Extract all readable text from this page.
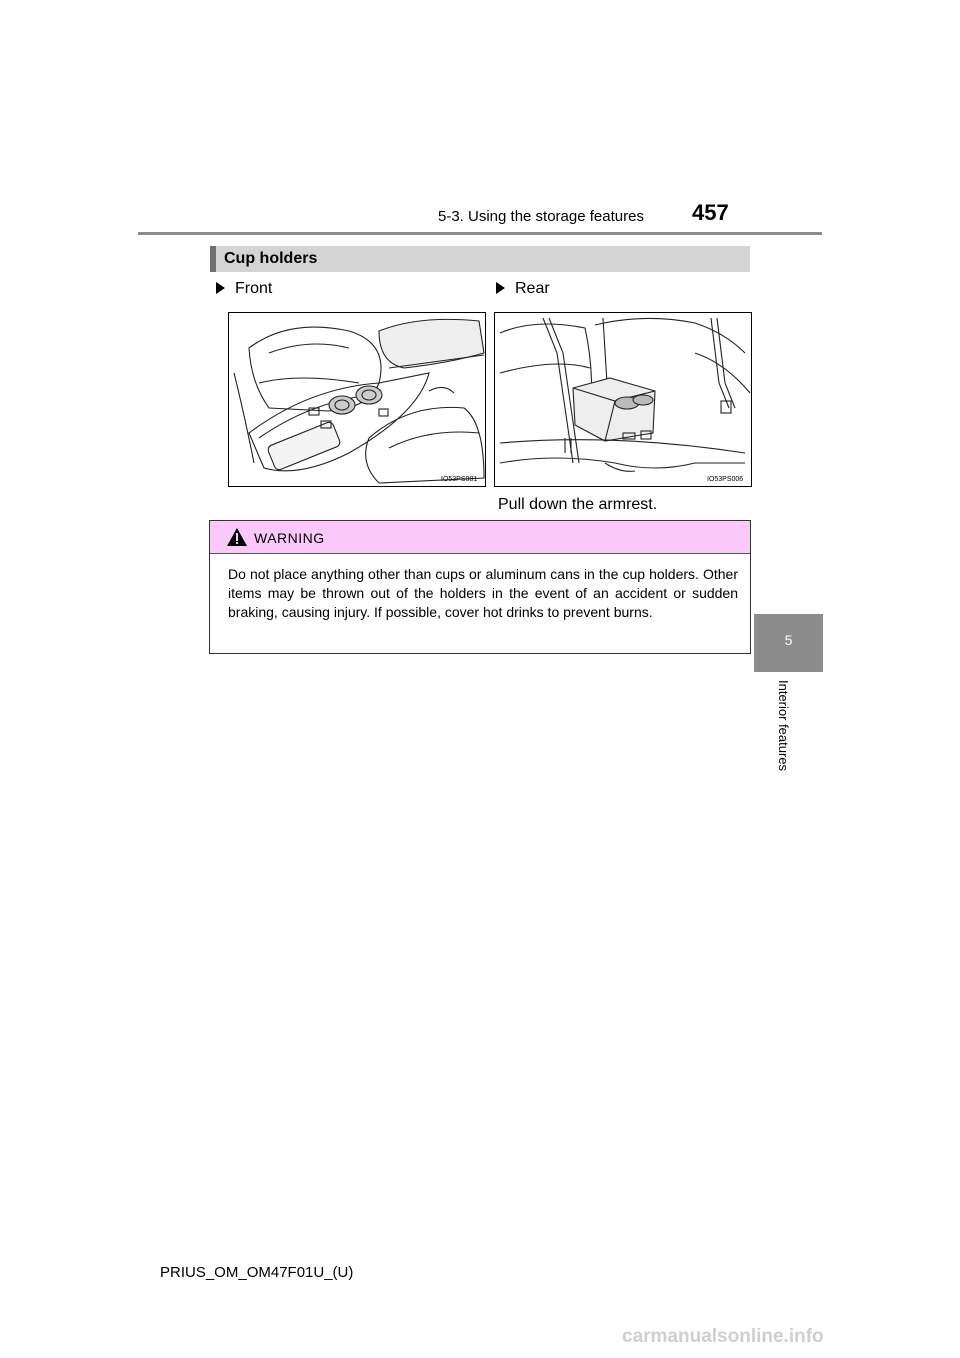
5-3. Using the storage features 457
5
Interior features
Cup holders
Front	Rear
IO53PS081	IO53PS006
Pull down the armrest.
WARNING
Do not place anything other than cups or aluminum cans in the cup holders. Other items may be thrown out of the holders in the event of an accident or sudden braking, causing injury. If possible, cover hot drinks to prevent burns.
PRIUS_OM_OM47F01U_(U)
carmanualsonline.info
